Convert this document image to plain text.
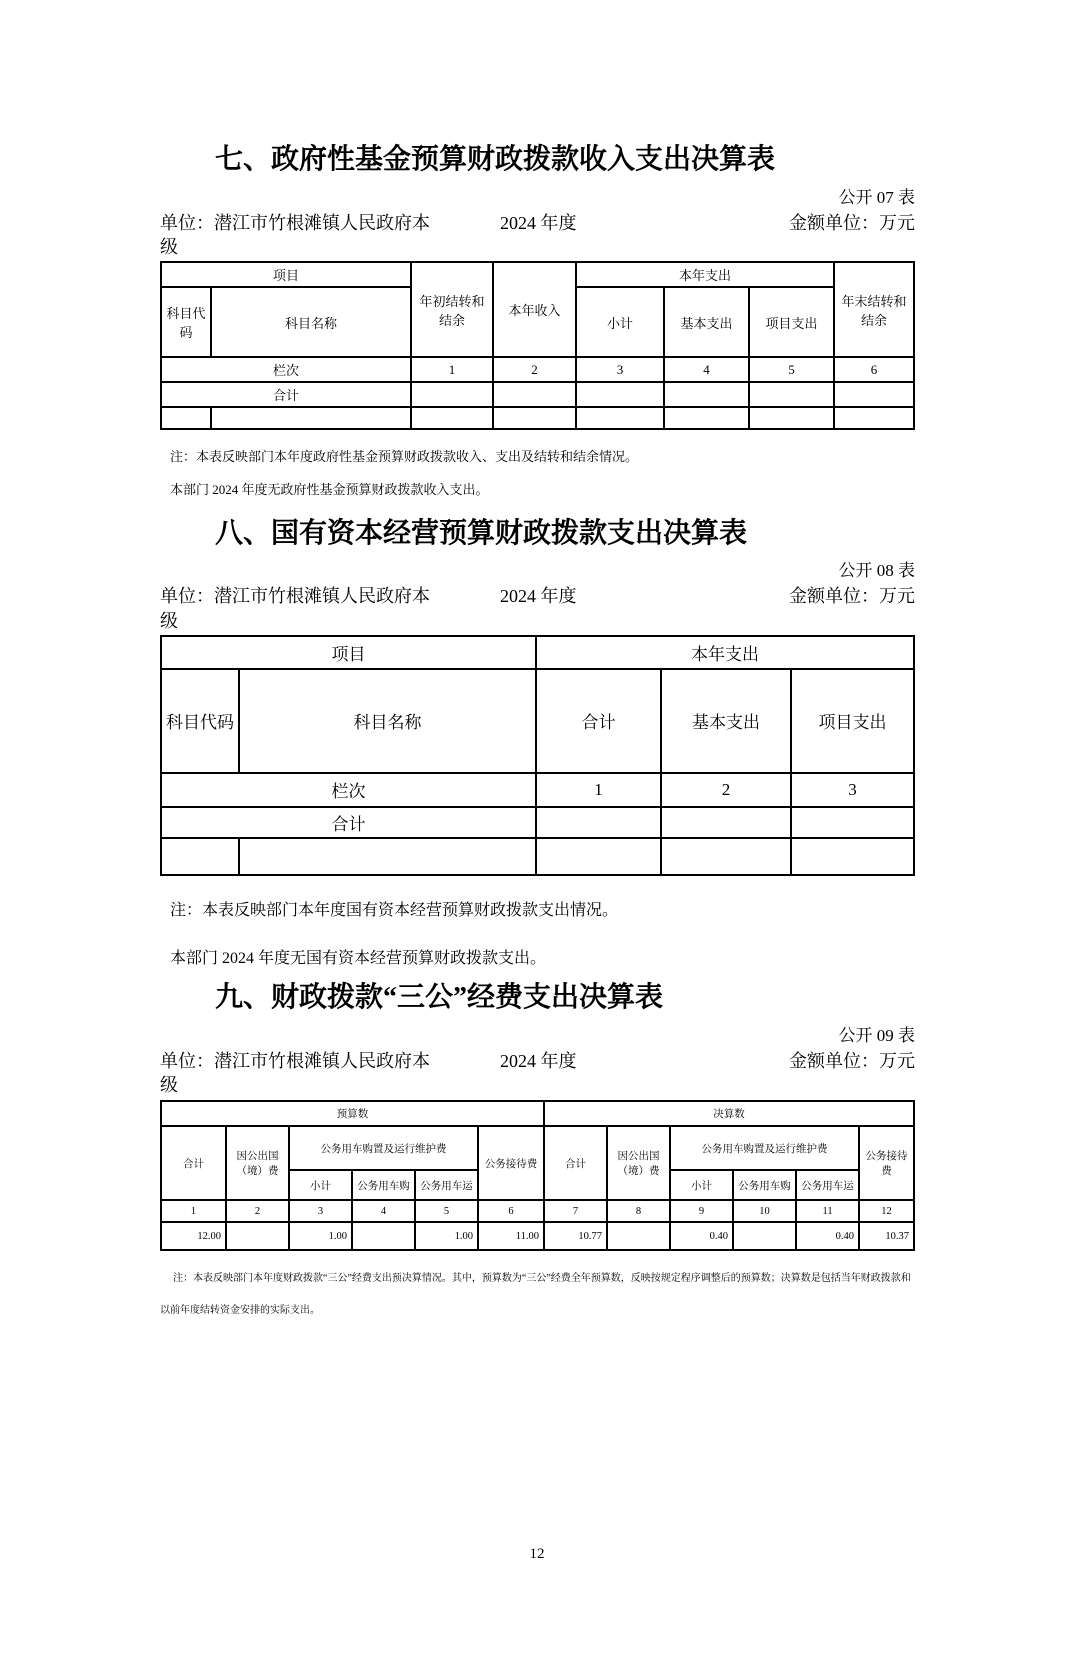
七、政府性基金预算财政拨款收入支出决算表
公开 07 表
单位：潜江市竹根滩镇人民政府本级
2024 年度	金额单位：万元
项目		年初结转和结余	本年收入	本年支出			年末结转和结余
科目代码	科目名称			小计	基本支出	项目支出	
栏次		1	2	3	4	5	6
合计							

注：本表反映部门本年度政府性基金预算财政拨款收入、支出及结转和结余情况。

本部门 2024 年度无政府性基金预算财政拨款收入支出。

八、国有资本经营预算财政拨款支出决算表
公开 08 表
单位：潜江市竹根滩镇人民政府本级
2024 年度	金额单位：万元
项目		本年支出		
科目代码	科目名称	合计	基本支出	项目支出
栏次		1	2	3
合计				

注：本表反映部门本年度国有资本经营预算财政拨款支出情况。

本部门 2024 年度无国有资本经营预算财政拨款支出。

九、财政拨款“三公”经费支出决算表
公开 09 表
单位：潜江市竹根滩镇人民政府本级
2024 年度	金额单位：万元
预算数						决算数					
合计	因公出国（境）费	公务用车购置及运行维护费			公务接待费	合计	因公出国（境）费	公务用车购置及运行维护费			公务接待费
		小计	公务用车购	公务用车运				小计	公务用车购	公务用车运	
1	2	3	4	5	6	7	8	9	10	11	12
12.00		1.00		1.00	11.00	10.77		0.40		0.40	10.37

注：本表反映部门本年度财政拨款“三公”经费支出预决算情况。其中，预算数为“三公”经费全年预算数，反映按规定程序调整后的预算数；决算数是包括当年财政拨款和以前年度结转资金安排的实际支出。

12
